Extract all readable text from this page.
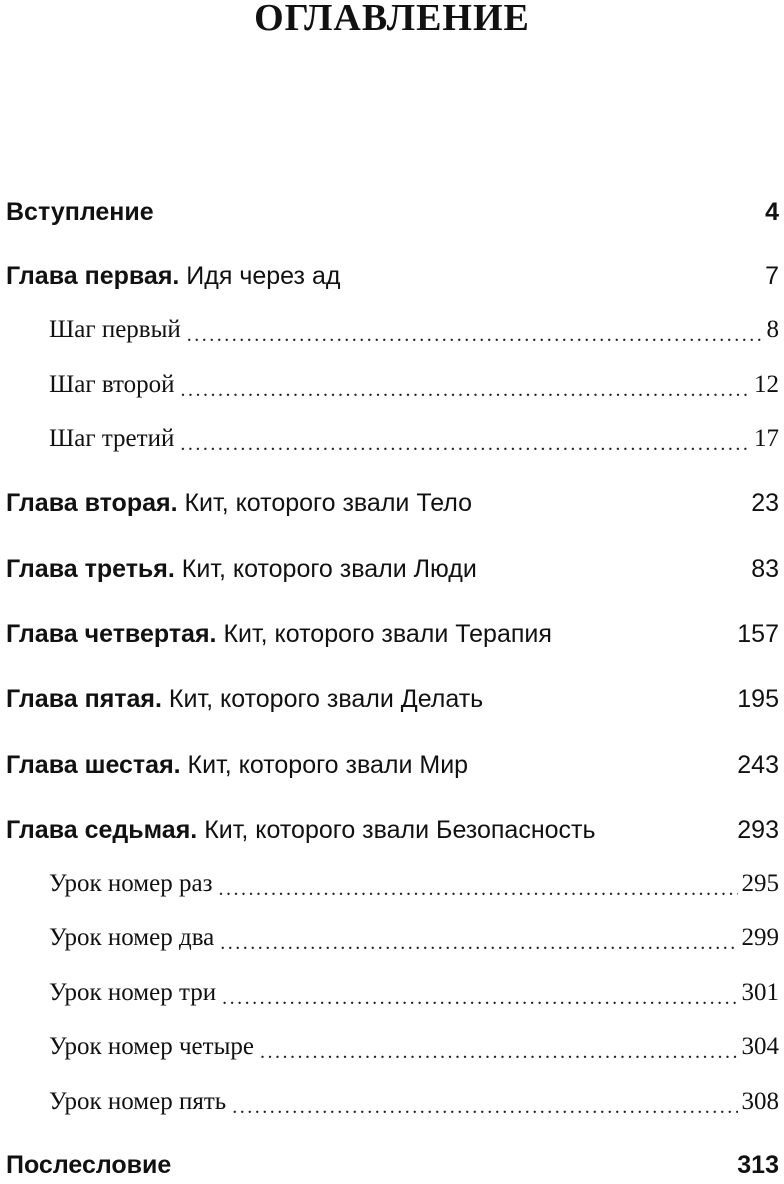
ОГЛАВЛЕНИЕ
Вступление	4
Глава первая. Идя через ад	7
Шаг первый .....	8
Шаг второй .....	12
Шаг третий .....	17
Глава вторая. Кит, которого звали Тело	23
Глава третья. Кит, которого звали Люди	83
Глава четвертая. Кит, которого звали Терапия	157
Глава пятая. Кит, которого звали Делать	195
Глава шестая. Кит, которого звали Мир	243
Глава седьмая. Кит, которого звали Безопасность	293
Урок номер раз .....	295
Урок номер два .....	299
Урок номер три .....	301
Урок номер четыре .....	304
Урок номер пять .....	308
Послесловие	313
